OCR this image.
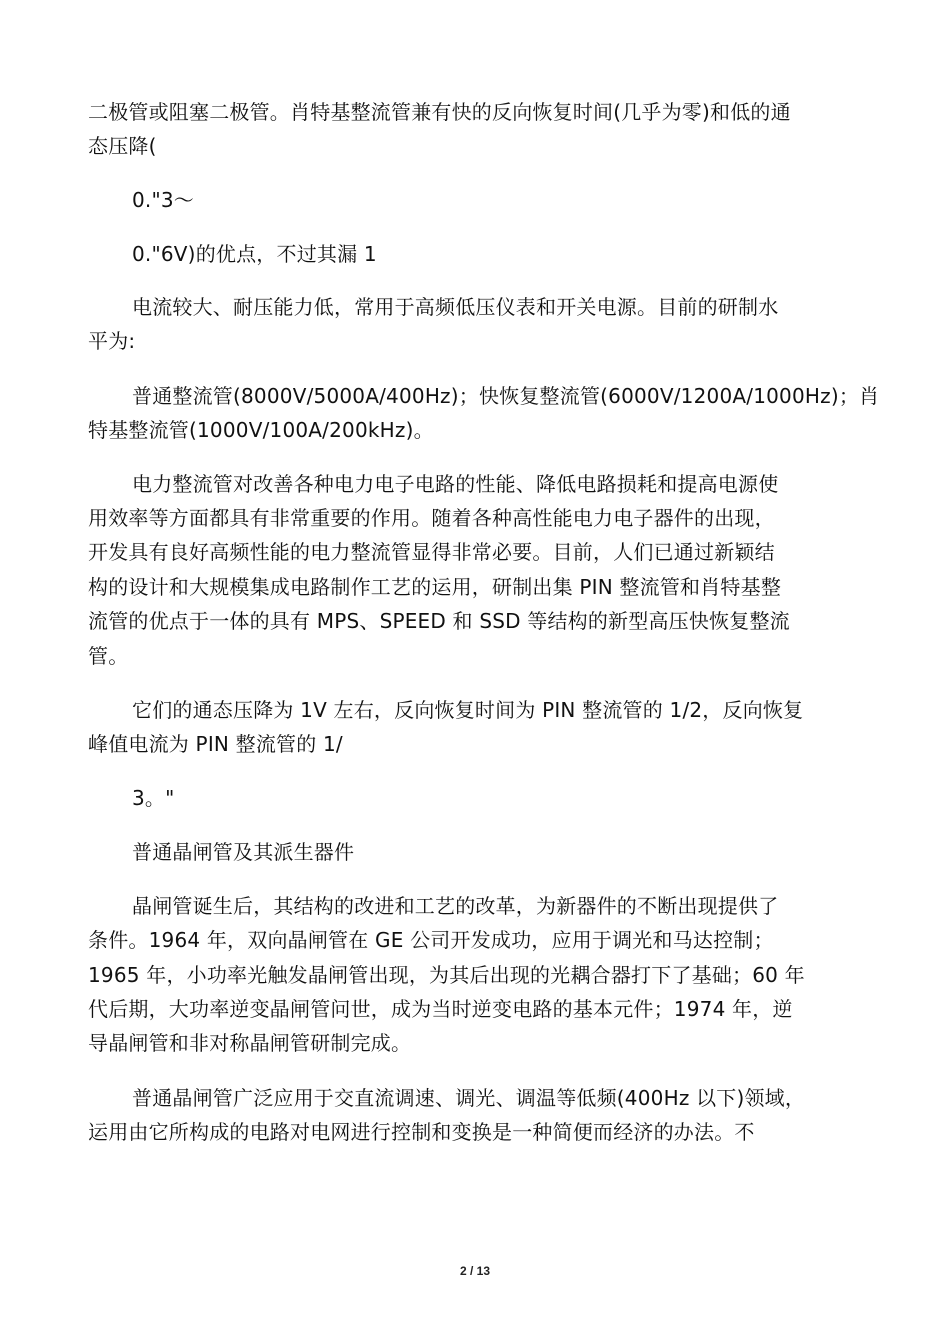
二极管或阻塞二极管。肖特基整流管兼有快的反向恢复时间(几乎为零)和低的通
态压降(
0."3～
0."6V)的优点，不过其漏 1
电流较大、耐压能力低，常用于高频低压仪表和开关电源。目前的研制水
平为:
普通整流管(8000V/5000A/400Hz)；快恢复整流管(6000V/1200A/1000Hz)；肖
特基整流管(1000V/100A/200kHz)。
电力整流管对改善各种电力电子电路的性能、降低电路损耗和提高电源使
用效率等方面都具有非常重要的作用。随着各种高性能电力电子器件的出现，
开发具有良好高频性能的电力整流管显得非常必要。目前，人们已通过新颖结
构的设计和大规模集成电路制作工艺的运用，研制出集 PIN 整流管和肖特基整
流管的优点于一体的具有 MPS、SPEED 和 SSD 等结构的新型高压快恢复整流
管。
它们的通态压降为 1V 左右，反向恢复时间为 PIN 整流管的 1/2，反向恢复
峰值电流为 PIN 整流管的 1/
3。"
普通晶闸管及其派生器件
晶闸管诞生后，其结构的改进和工艺的改革，为新器件的不断出现提供了
条件。1964 年，双向晶闸管在 GE 公司开发成功，应用于调光和马达控制；
1965 年，小功率光触发晶闸管出现，为其后出现的光耦合器打下了基础；60 年
代后期，大功率逆变晶闸管问世，成为当时逆变电路的基本元件；1974 年，逆
导晶闸管和非对称晶闸管研制完成。
普通晶闸管广泛应用于交直流调速、调光、调温等低频(400Hz 以下)领域，
运用由它所构成的电路对电网进行控制和变换是一种简便而经济的办法。不
2 / 13
